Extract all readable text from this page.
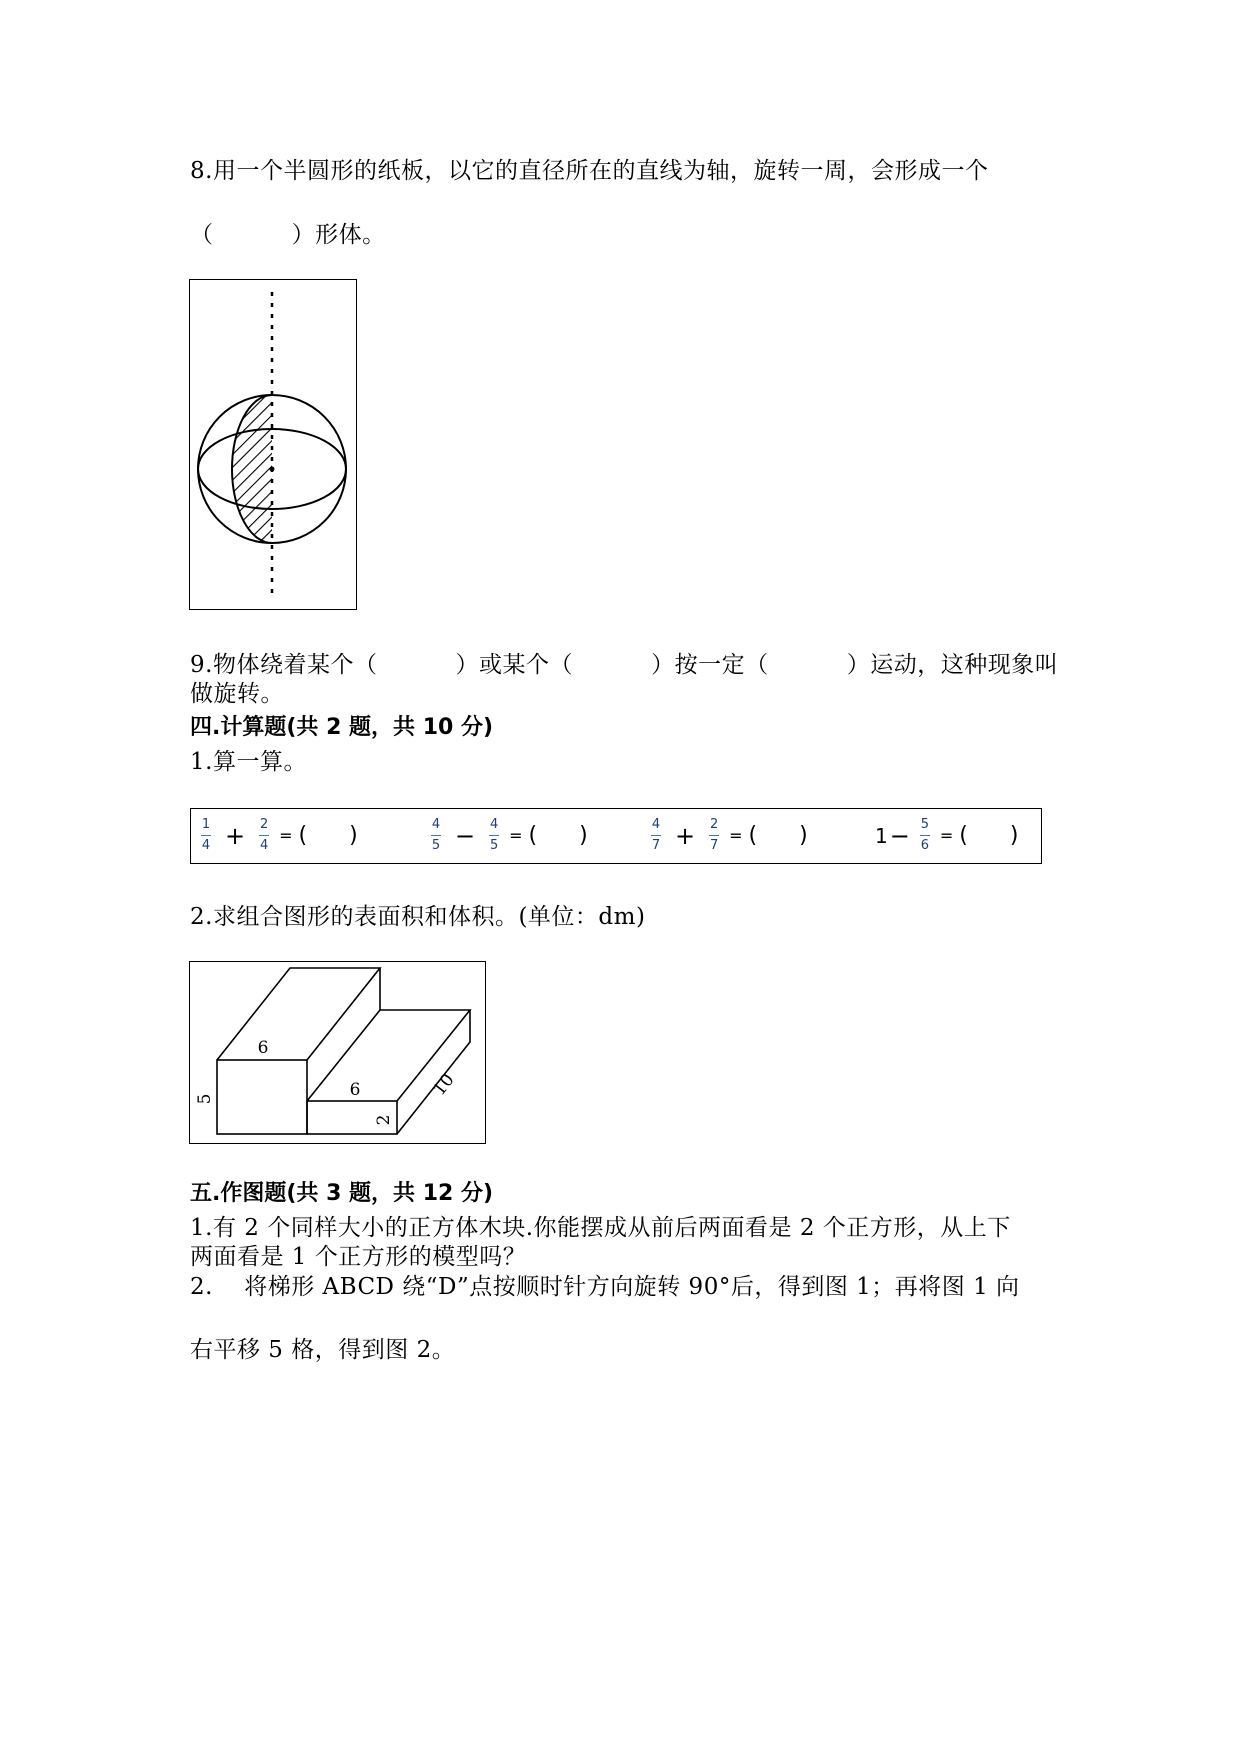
8.用一个半圆形的纸板，以它的直径所在的直线为轴，旋转一周，会形成一个
（          ）形体。
9.物体绕着某个（          ）或某个（          ）按一定（          ）运动，这种现象叫
做旋转。
四.计算题(共 2 题，共 10 分)
1.算一算。
$\frac{1}{4} + \frac{2}{4}$ = ( )	$\frac{4}{5} - \frac{4}{5}$ = ( )	$\frac{4}{7} + \frac{2}{7}$ = ( )	$1 - \frac{5}{6}$ = ( )
2.求组合图形的表面积和体积。(单位：dm)
6
5	6
2
10
五.作图题(共 3 题，共 12 分)
1.有 2 个同样大小的正方体木块.你能摆成从前后两面看是 2 个正方形，从上下
两面看是 1 个正方形的模型吗？
2.    将梯形 ABCD 绕“D”点按顺时针方向旋转 90°后，得到图 1；再将图 1 向
右平移 5 格，得到图 2。
